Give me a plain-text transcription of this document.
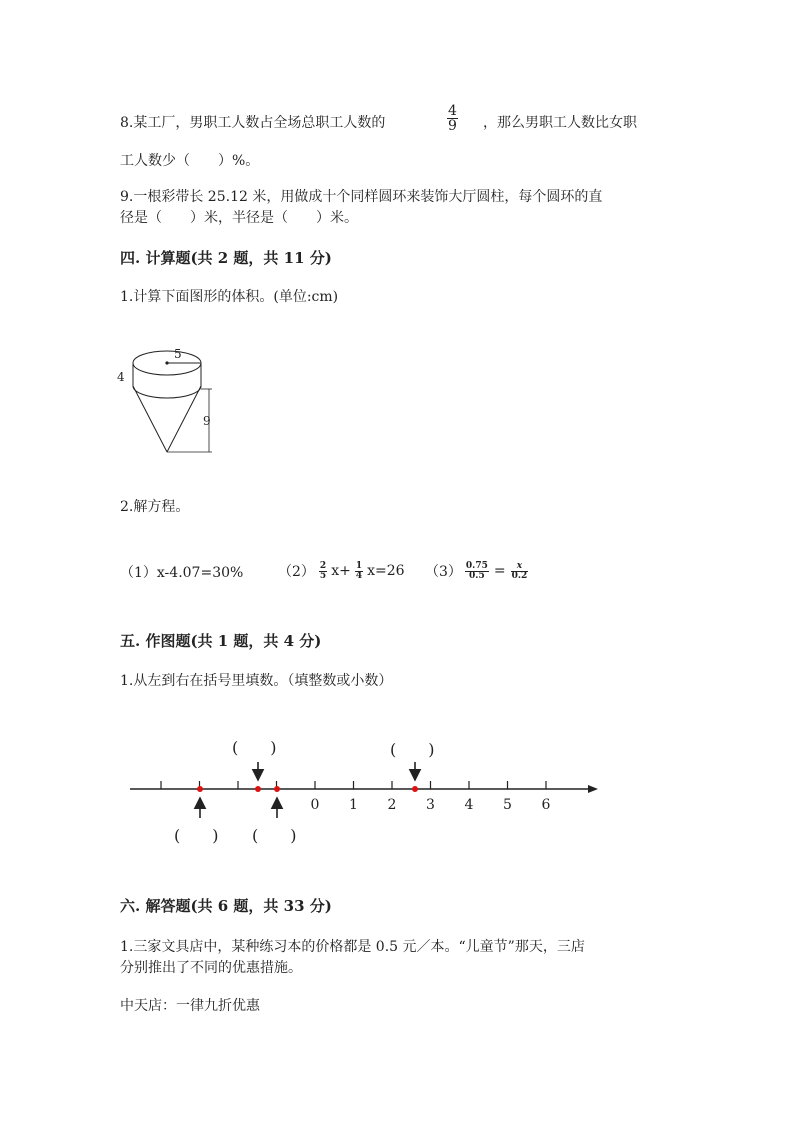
8.某工厂，男职工人数占全场总职工人数的	$\frac{4}{9}$ ，那么男职工人数比女职
工人数少（　　）%。
9.一根彩带长 25.12 米，用做成十个同样圆环来装饰大厅圆柱，每个圆环的直
径是（　　）米，半径是（　　）米。
四. 计算题(共 2 题，共 11 分)
1.计算下面图形的体积。(单位:cm)
5
4
9
2.解方程。
（1）x-4.07=30% $(2) \frac{2}{5} x+ \frac{1}{4} x=26$ $(3) \frac{0.75}{0.5} = \frac{x}{0.2}$
五. 作图题(共 1 题，共 4 分)
1.从左到右在括号里填数。（填整数或小数）
(　　)	(　　)
(　　) (　　)
0 1 2 3 4 5 6
六. 解答题(共 6 题，共 33 分)
1.三家文具店中，某种练习本的价格都是 0.5 元／本。“儿童节”那天，三店
分别推出了不同的优惠措施。
中天店：一律九折优惠
